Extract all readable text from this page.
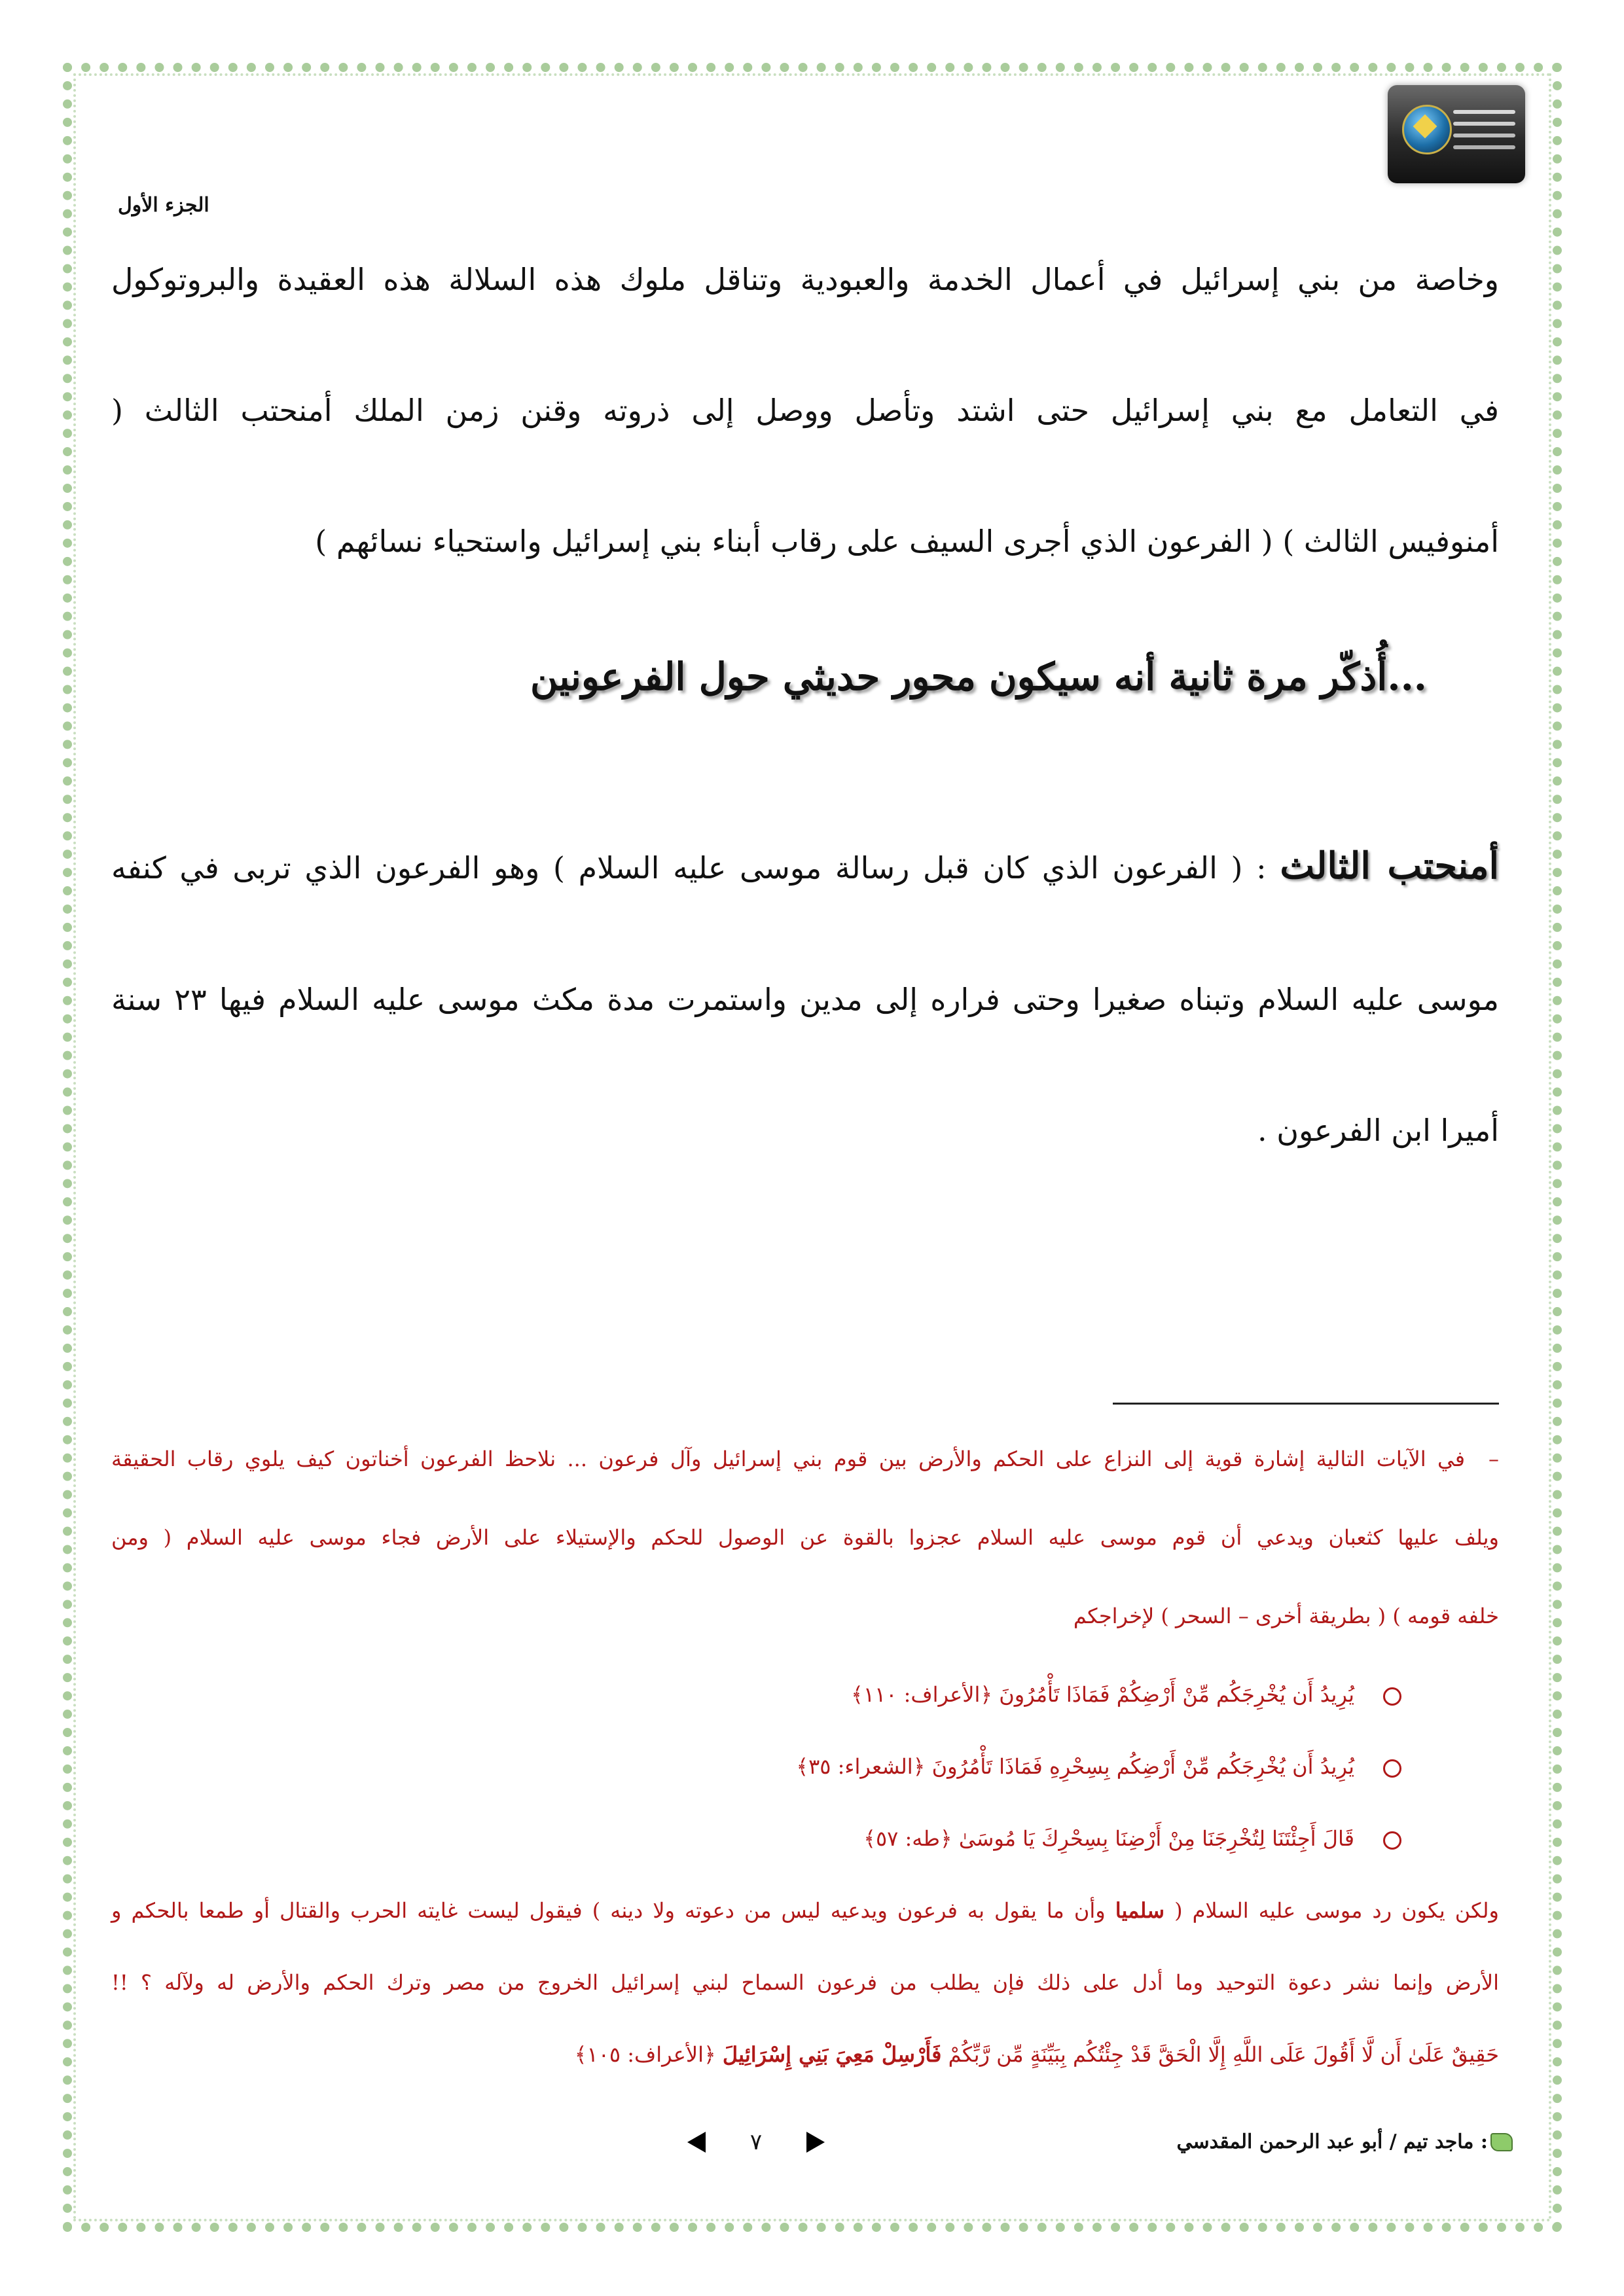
الجزء الأول
وخاصة من بني إسرائيل في أعمال الخدمة والعبودية وتناقل ملوك هذه السلالة هذه العقيدة والبروتوكول
في التعامل مع بني إسرائيل حتى اشتد وتأصل ووصل إلى ذروته وقنن زمن الملك أمنحتب الثالث (
أمنوفيس الثالث ) ( الفرعون الذي أجرى السيف على رقاب أبناء بني إسرائيل واستحياء نسائهم )
...أُذكّر مرة ثانية أنه سيكون محور حديثي حول الفرعونين
أمنحتب الثالث : ( الفرعون الذي كان قبل رسالة موسى عليه السلام ) وهو الفرعون الذي تربى في كنفه
موسى عليه السلام وتبناه صغيرا وحتى فراره إلى مدين واستمرت مدة مكث موسى عليه السلام فيها ٢٣ سنة
أميرا ابن الفرعون .
–في الآيات التالية إشارة قوية إلى النزاع على الحكم والأرض بين قوم بني إسرائيل وآل فرعون ... نلاحظ الفرعون أخناتون كيف يلوي رقاب الحقيقة
ويلف عليها كثعبان ويدعي أن قوم موسى عليه السلام عجزوا بالقوة عن الوصول للحكم والإستيلاء على الأرض فجاء موسى عليه السلام ( ومن
خلفه قومه ) ( بطريقة أخرى – السحر ) لإخراجكم
يُرِيدُ أَن يُخْرِجَكُم مِّنْ أَرْضِكُمْ فَمَاذَا تَأْمُرُونَ ﴿الأعراف: ١١٠﴾
يُرِيدُ أَن يُخْرِجَكُم مِّنْ أَرْضِكُم بِسِحْرِهِ فَمَاذَا تَأْمُرُونَ ﴿الشعراء: ٣٥﴾
قَالَ أَجِئْتَنَا لِتُخْرِجَنَا مِنْ أَرْضِنَا بِسِحْرِكَ يَا مُوسَىٰ ﴿طه: ٥٧﴾
ولكن يكون رد موسى عليه السلام ( سلميا وأن ما يقول به فرعون ويدعيه ليس من دعوته ولا دينه ) فيقول ليست غايته الحرب والقتال أو طمعا بالحكم و
الأرض وإنما نشر دعوة التوحيد وما أدل على ذلك فإن يطلب من فرعون السماح لبني إسرائيل الخروج من مصر وترك الحكم والأرض له ولآله ؟ !!
حَقِيقٌ عَلَىٰ أَن لَّا أَقُولَ عَلَى اللَّهِ إِلَّا الْحَقَّ قَدْ جِئْتُكُم بِبَيِّنَةٍ مِّن رَّبِّكُمْ فَأَرْسِلْ مَعِيَ بَنِي إِسْرَائِيلَ ﴿الأعراف: ١٠٥﴾
٧	: ماجد تيم / أبو عبد الرحمن المقدسي
